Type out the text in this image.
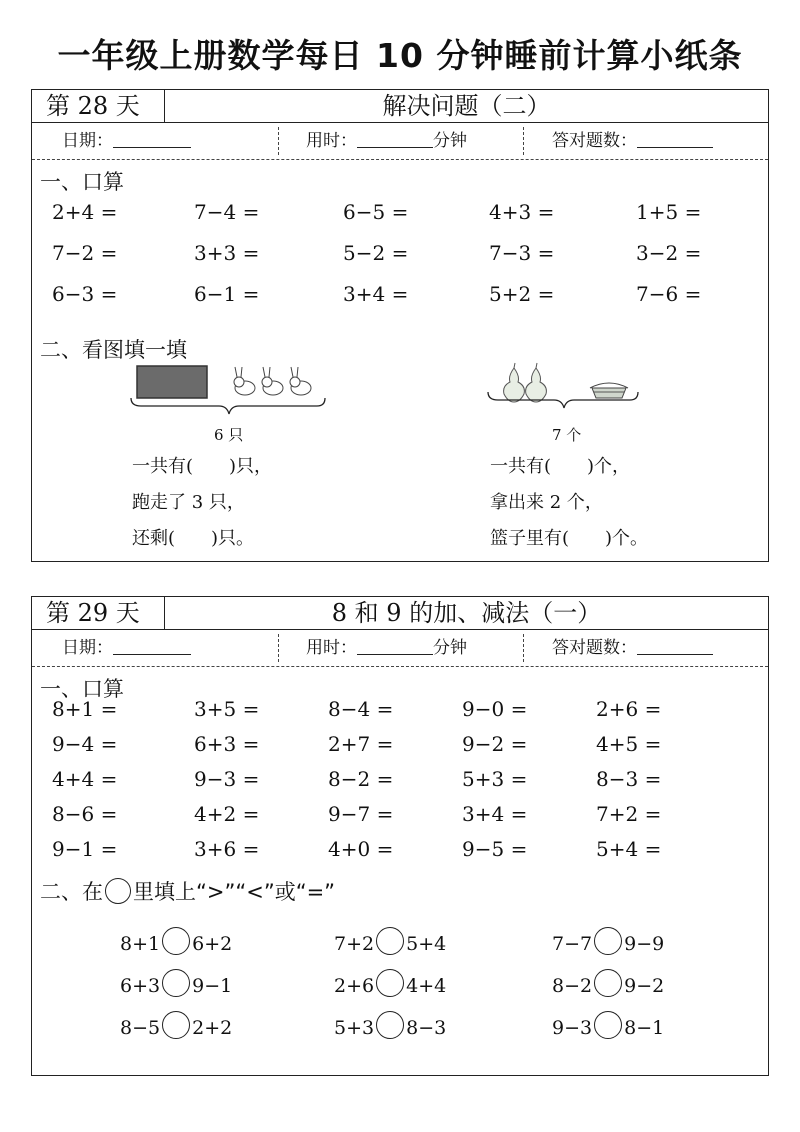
一年级上册数学每日 10 分钟睡前计算小纸条
第 28 天	解决问题（二）
日期：	用时：	分钟	答对题数：
一、口算
2+4 =	7−4 =	6−5 =	4+3 =	1+5 =
7−2 =	3+3 =	5−2 =	7−3 =	3−2 =
6−3 =	6−1 =	3+4 =	5+2 =	7−6 =
二、看图填一填
6 只
一共有(　　)只，
跑走了 3 只，
还剩(　　)只。
7 个
一共有(　　)个，
拿出来 2 个，
篮子里有(　　)个。
第 29 天	8 和 9 的加、减法（一）
日期：	用时：	分钟	答对题数：
一、口算
8+1 =	3+5 =	8−4 =	9−0 =	2+6 =
9−4 =	6+3 =	2+7 =	9−2 =	4+5 =
4+4 =	9−3 =	8−2 =	5+3 =	8−3 =
8−6 =	4+2 =	9−7 =	3+4 =	7+2 =
9−1 =	3+6 =	4+0 =	9−5 =	5+4 =
二、在 里填上“>”“<”或“=”
8+1 6+2	7+2 5+4	7−7 9−9
6+3 9−1	2+6 4+4	8−2 9−2
8−5 2+2	5+3 8−3	9−3 8−1
